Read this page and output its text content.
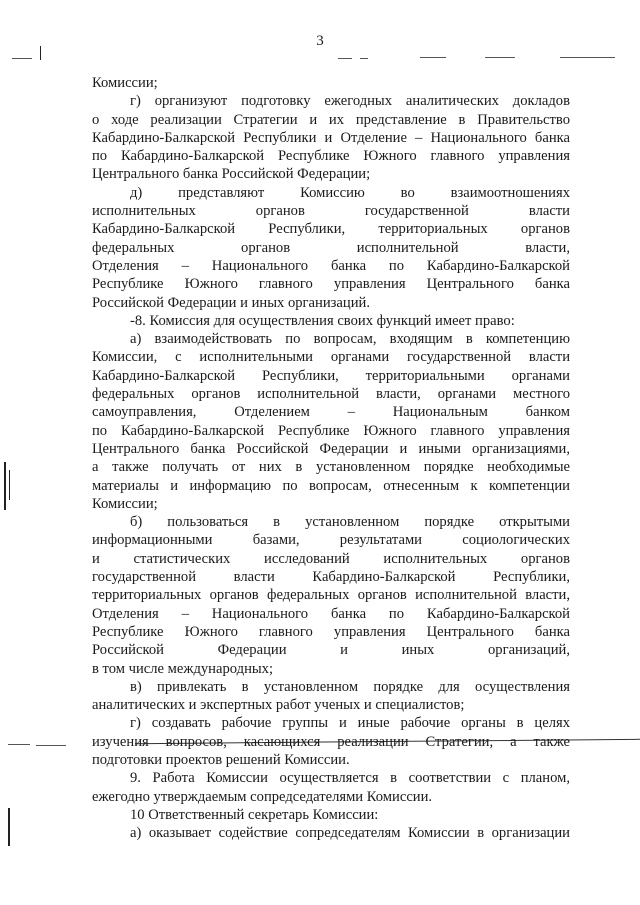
3
Комиссии;
г) организуют подготовку ежегодных аналитических докладов
о ходе реализации Стратегии и их представление в Правительство
Кабардино-Балкарской Республики и Отделение – Национального банка
по Кабардино-Балкарской Республике Южного главного управления
Центрального банка Российской Федерации;
д) представляют Комиссию во взаимоотношениях
исполнительных органов государственной власти
Кабардино-Балкарской Республики, территориальных органов
федеральных органов исполнительной власти,
Отделения – Национального банка по Кабардино-Балкарской
Республике Южного главного управления Центрального банка
Российской Федерации и иных организаций.
-8. Комиссия для осуществления своих функций имеет право:
а) взаимодействовать по вопросам, входящим в компетенцию
Комиссии, с исполнительными органами государственной власти
Кабардино-Балкарской Республики, территориальными органами
федеральных органов исполнительной власти, органами местного
самоуправления, Отделением – Национальным банком
по Кабардино-Балкарской Республике Южного главного управления
Центрального банка Российской Федерации и иными организациями,
а также получать от них в установленном порядке необходимые
материалы и информацию по вопросам, отнесенным к компетенции
Комиссии;
б) пользоваться в установленном порядке открытыми
информационными базами, результатами социологических
и статистических исследований исполнительных органов
государственной власти Кабардино-Балкарской Республики,
территориальных органов федеральных органов исполнительной власти,
Отделения – Национального банка по Кабардино-Балкарской
Республике Южного главного управления Центрального банка
Российской Федерации и иных организаций,
в том числе международных;
в) привлекать в установленном порядке для осуществления
аналитических и экспертных работ ученых и специалистов;
г) создавать рабочие группы и иные рабочие органы в целях
изучения вопросов, касающихся реализации Стратегии, а также
подготовки проектов решений Комиссии.
9. Работа Комиссии осуществляется в соответствии с планом,
ежегодно утверждаемым сопредседателями Комиссии.
10 Ответственный секретарь Комиссии:
а) оказывает содействие сопредседателям Комиссии в организации
